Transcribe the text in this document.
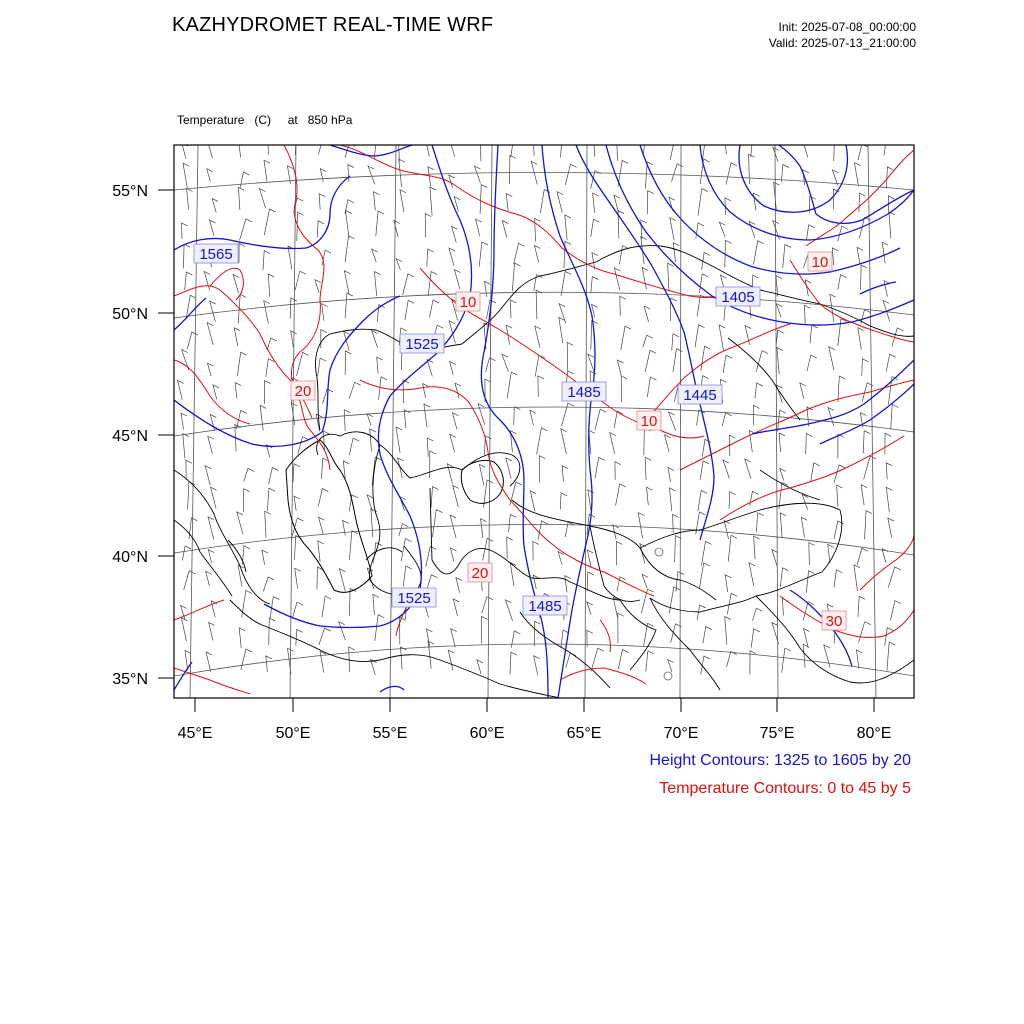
KAZHYDROMET REAL-TIME WRF	Init: 2025-07-08_00:00:00
Valid: 2025-07-13_21:00:00

Temperature   (C)     at   850 hPa

55°N
50°N
45°N
40°N
35°N
45°E	50°E	55°E	60°E	65°E	70°E	75°E	80°E
1565
1525
1485	1445
1405
1525	1485
10
20
10
10
20
30
Height Contours: 1325 to 1605 by 20
Temperature Contours: 0 to 45 by 5
